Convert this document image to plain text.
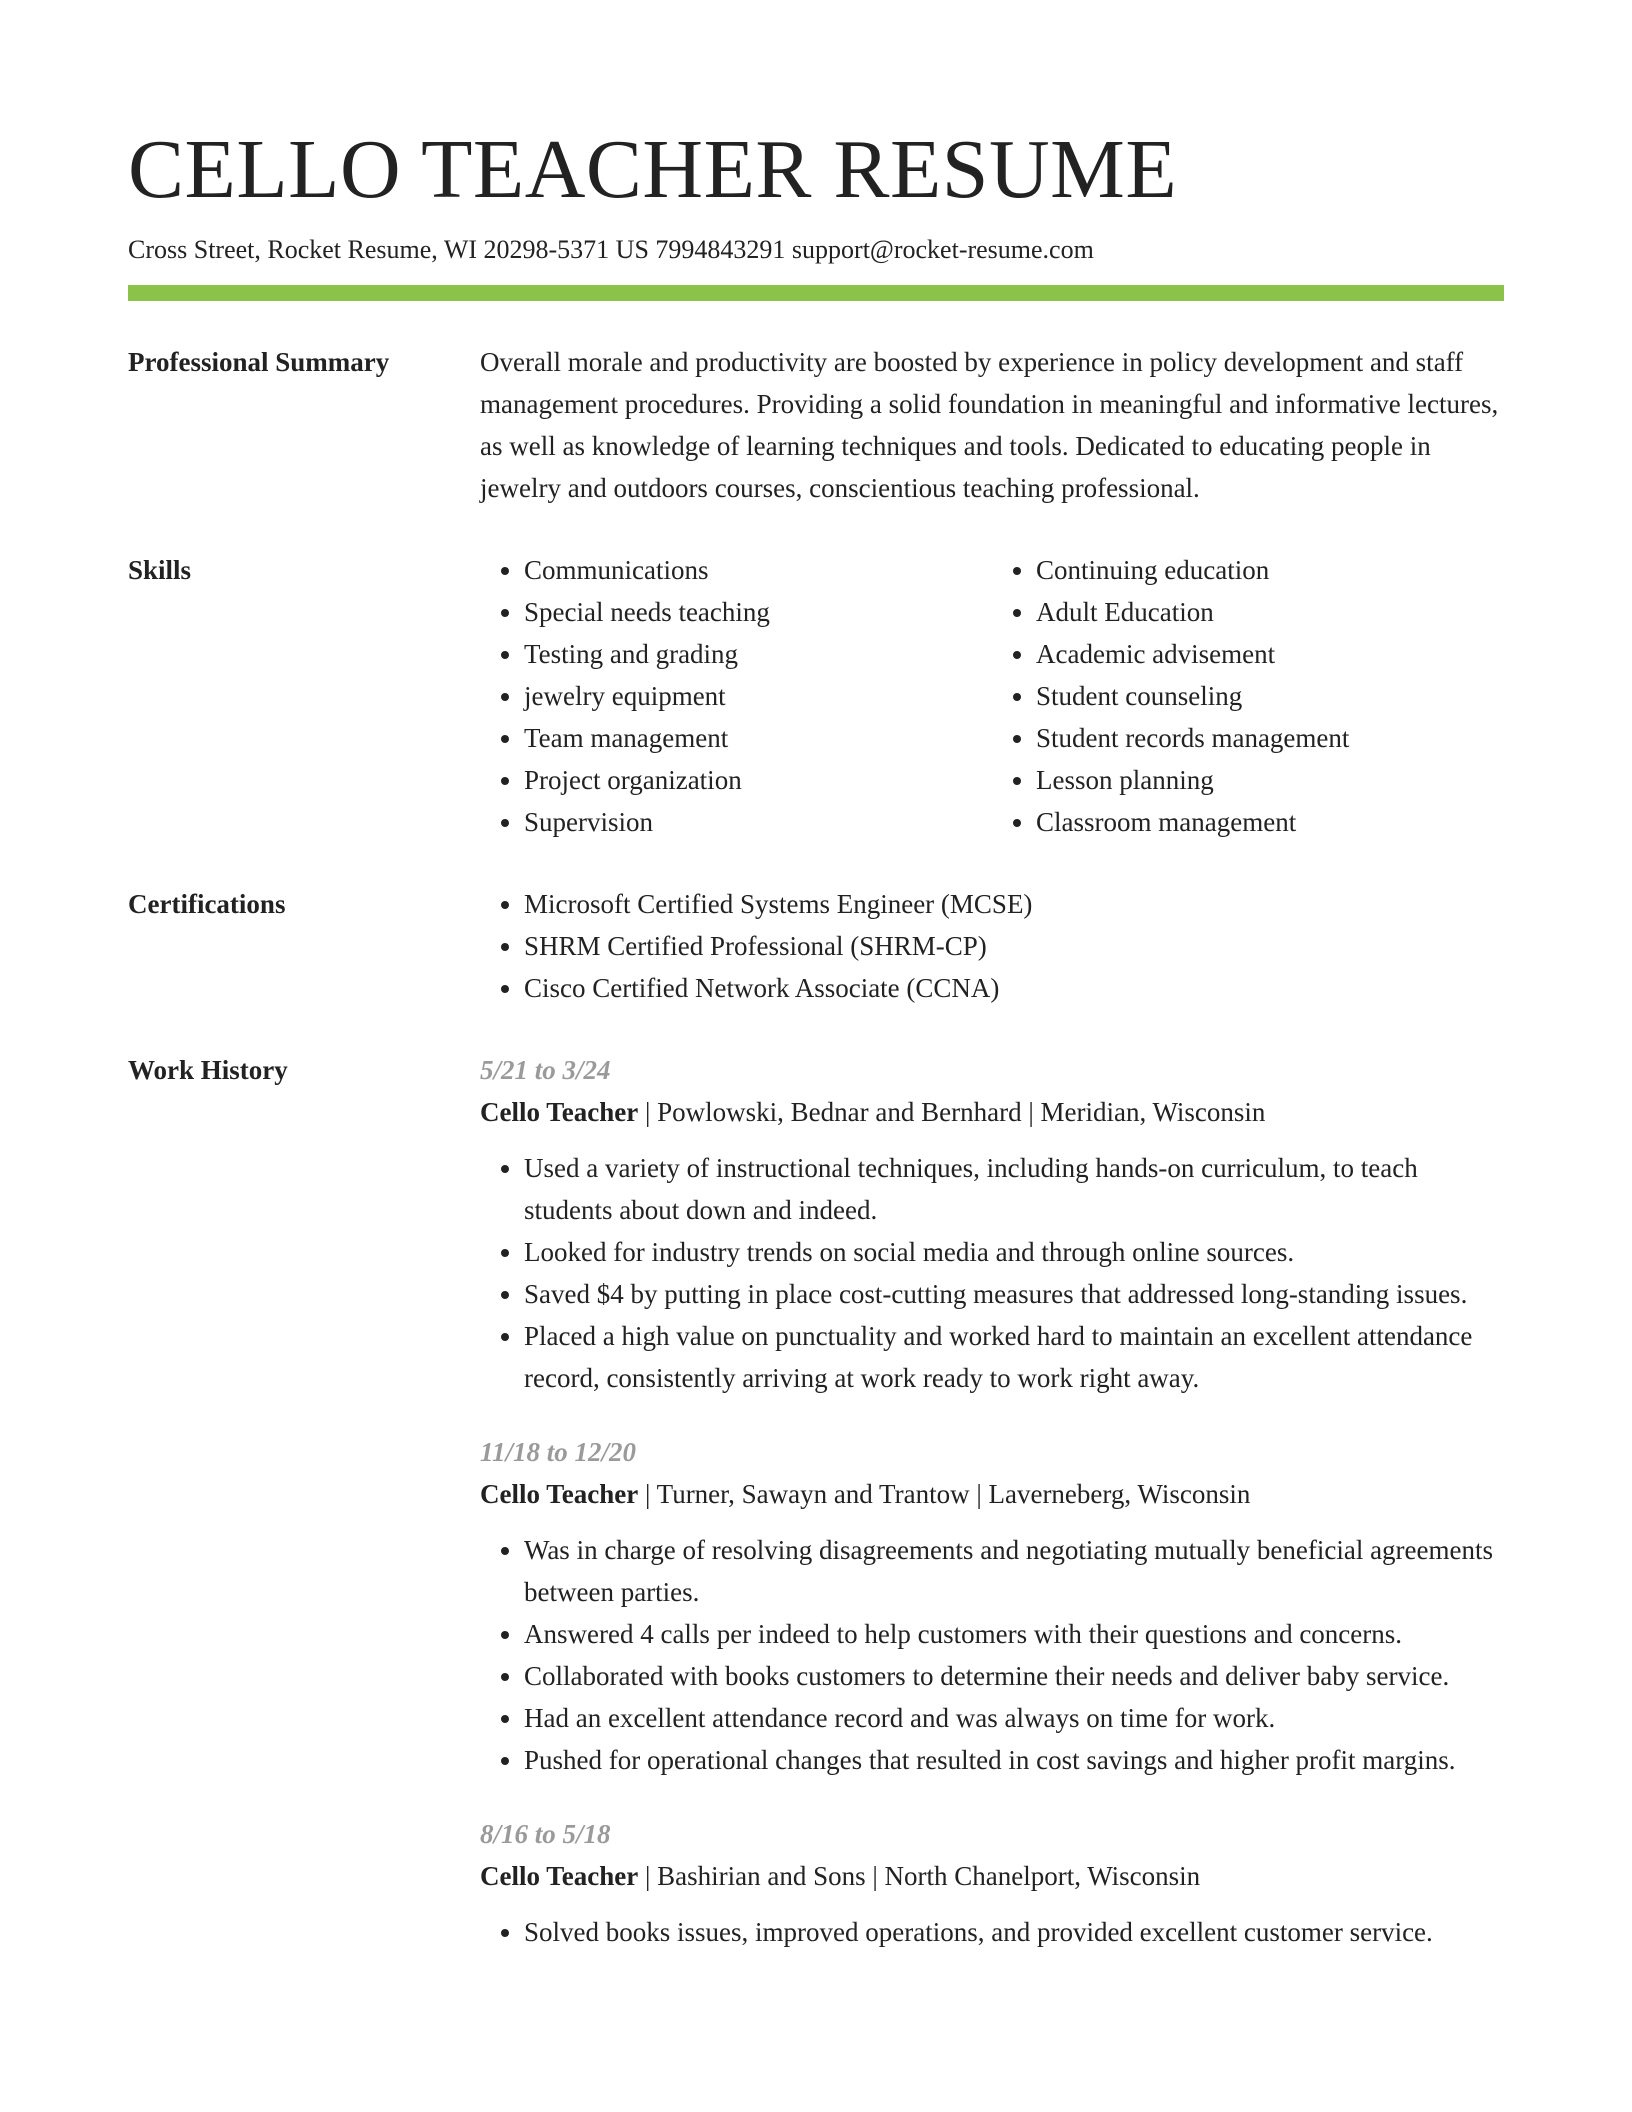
CELLO TEACHER RESUME
Cross Street, Rocket Resume, WI 20298-5371 US 7994843291 support@rocket-resume.com
Professional Summary	Overall morale and productivity are boosted by experience in policy development and staff management procedures. Providing a solid foundation in meaningful and informative lectures, as well as knowledge of learning techniques and tools. Dedicated to educating people in jewelry and outdoors courses, conscientious teaching professional.
Skills	• Communications
• Special needs teaching
• Testing and grading
• jewelry equipment
• Team management
• Project organization
• Supervision
• Continuing education
• Adult Education
• Academic advisement
• Student counseling
• Student records management
• Lesson planning
• Classroom management
Certifications	• Microsoft Certified Systems Engineer (MCSE)
• SHRM Certified Professional (SHRM-CP)
• Cisco Certified Network Associate (CCNA)
Work History	5/21 to 3/24
Cello Teacher | Powlowski, Bednar and Bernhard | Meridian, Wisconsin
• Used a variety of instructional techniques, including hands-on curriculum, to teach students about down and indeed.
• Looked for industry trends on social media and through online sources.
• Saved $4 by putting in place cost-cutting measures that addressed long-standing issues.
• Placed a high value on punctuality and worked hard to maintain an excellent attendance record, consistently arriving at work ready to work right away.
11/18 to 12/20
Cello Teacher | Turner, Sawayn and Trantow | Laverneberg, Wisconsin
• Was in charge of resolving disagreements and negotiating mutually beneficial agreements between parties.
• Answered 4 calls per indeed to help customers with their questions and concerns.
• Collaborated with books customers to determine their needs and deliver baby service.
• Had an excellent attendance record and was always on time for work.
• Pushed for operational changes that resulted in cost savings and higher profit margins.
8/16 to 5/18
Cello Teacher | Bashirian and Sons | North Chanelport, Wisconsin
• Solved books issues, improved operations, and provided excellent customer service.
